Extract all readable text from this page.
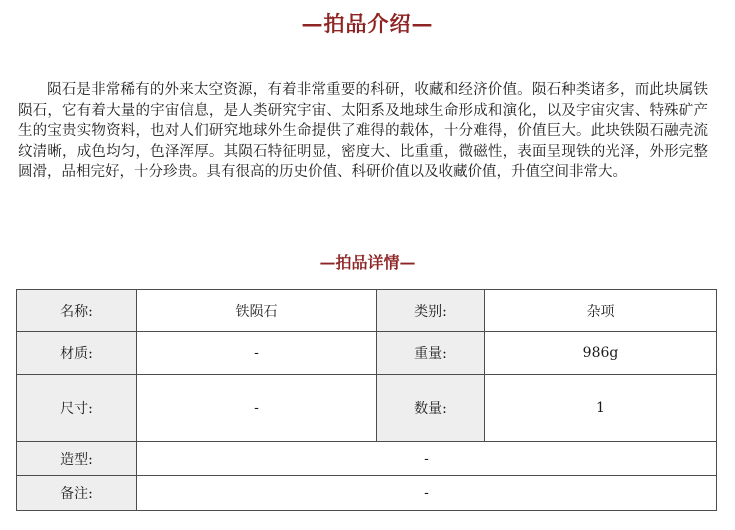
—拍品介绍—

陨石是非常稀有的外来太空资源，有着非常重要的科研，收藏和经济价值。陨石种类诸多，而此块属铁陨石，它有着大量的宇宙信息，是人类研究宇宙、太阳系及地球生命形成和演化，以及宇宙灾害、特殊矿产生的宝贵实物资料，也对人们研究地球外生命提供了难得的载体，十分难得，价值巨大。此块铁陨石融壳流纹清晰，成色均匀，色泽浑厚。其陨石特征明显，密度大、比重重，微磁性，表面呈现铁的光泽，外形完整圆滑，品相完好，十分珍贵。具有很高的历史价值、科研价值以及收藏价值，升值空间非常大。

—拍品详情—
名称:	铁陨石	类别:	杂项
材质:	-	重量:	986g
尺寸:	-	数量:	1
造型:	-		
备注:	-		
